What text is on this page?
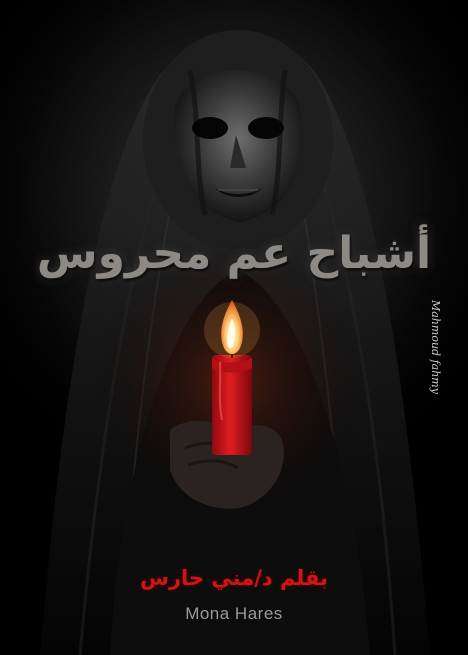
أشباح عم محروس
Mahmoud fahmy
بقلم د/مني حارس
Mona Hares
